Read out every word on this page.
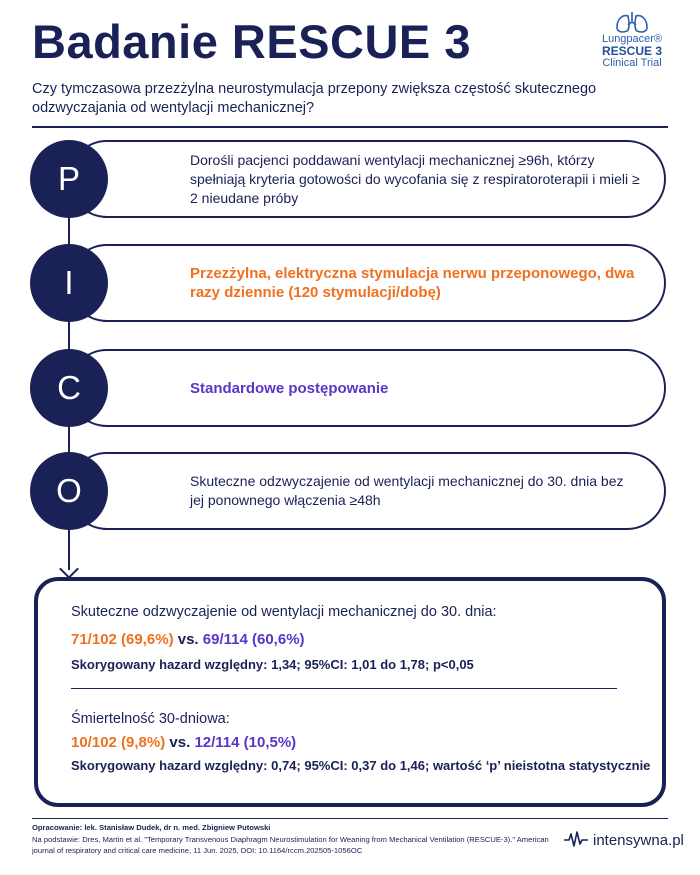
Badanie RESCUE 3	Lungpacer®
RESCUE 3
Clinical Trial
Czy tymczasowa przezżylna neurostymulacja przepony zwiększa częstość skutecznego odzwyczajania od wentylacji mechanicznej?
Dorośli pacjenci poddawani wentylacji mechanicznej ≥96h, którzy spełniają kryteria gotowości do wycofania się z respiratoroterapii i mieli ≥ 2 nieudane próby
P
Przezżylna, elektryczna stymulacja nerwu przeponowego, dwa razy dziennie (120 stymulacji/dobę)
I
Standardowe postępowanie
C
Skuteczne odzwyczajenie od wentylacji mechanicznej do 30. dnia bez jej ponownego włączenia ≥48h
O
Skuteczne odzwyczajenie od wentylacji mechanicznej do 30. dnia:
71/102 (69,6%) vs. 69/114 (60,6%)
Skorygowany hazard względny: 1,34; 95%CI: 1,01 do 1,78; p<0,05
Śmiertelność 30-dniowa:
10/102 (9,8%) vs. 12/114 (10,5%)
Skorygowany hazard względny: 0,74; 95%CI: 0,37 do 1,46; wartość ‘p’ nieistotna statystycznie
Opracowanie: lek. Stanisław Dudek, dr n. med. Zbigniew Putowski
Na podstawie: Dres, Martin et al. "Temporary Transvenous Diaphragm Neurostimulation for Weaning from Mechanical Ventilation (RESCUE-3)." American journal of respiratory and critical care medicine, 11 Jun. 2025, DOI: 10.1164/rccm.202505-1056OC
intensywna.pl
